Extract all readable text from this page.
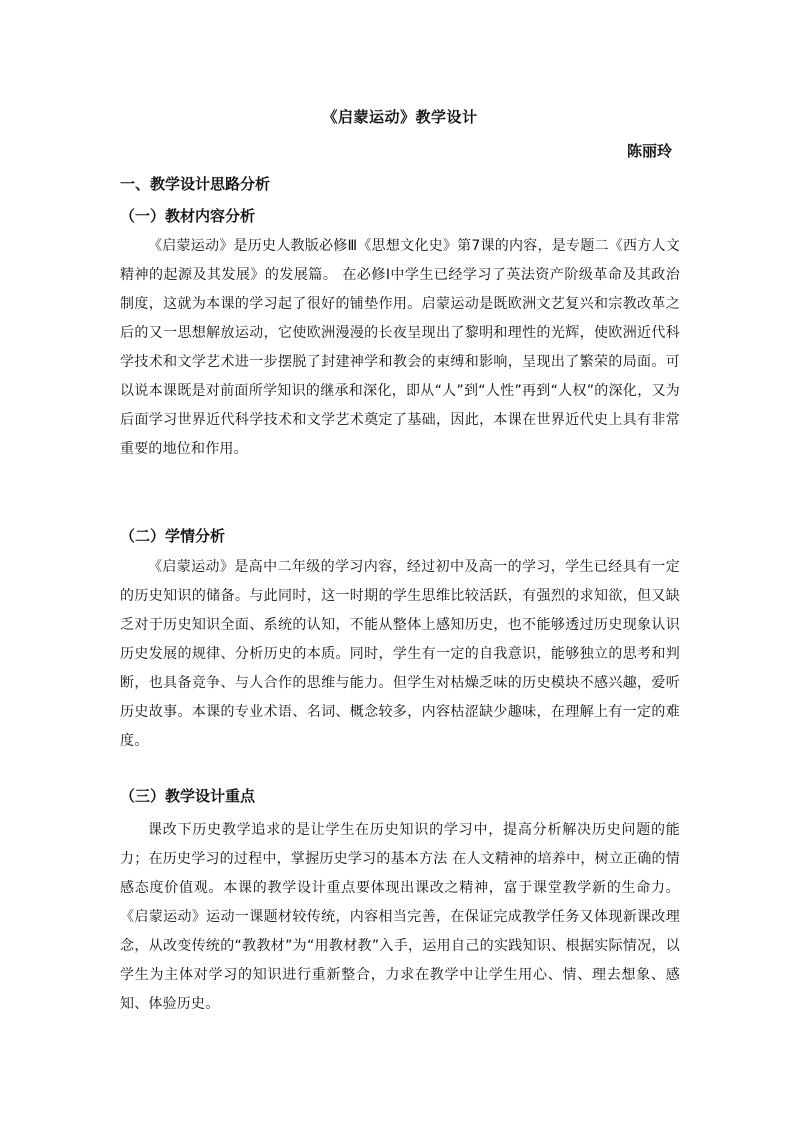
《启蒙运动》教学设计
陈丽玲
一、教学设计思路分析
（一）教材内容分析

《启蒙运动》是历史人教版必修Ⅲ《思想文化史》第7课的内容，是专题二《西方人文精神的起源及其发展》的发展篇。 在必修Ⅰ中学生已经学习了英法资产阶级革命及其政治制度，这就为本课的学习起了很好的铺垫作用。启蒙运动是既欧洲文艺复兴和宗教改革之后的又一思想解放运动，它使欧洲漫漫的长夜呈现出了黎明和理性的光辉，使欧洲近代科学技术和文学艺术进一步摆脱了封建神学和教会的束缚和影响，呈现出了繁荣的局面。可以说本课既是对前面所学知识的继承和深化，即从“人”到“人性”再到“人权”的深化，又为后面学习世界近代科学技术和文学艺术奠定了基础，因此，本课在世界近代史上具有非常重要的地位和作用。

（二）学情分析

《启蒙运动》是高中二年级的学习内容，经过初中及高一的学习，学生已经具有一定的历史知识的储备。与此同时，这一时期的学生思维比较活跃，有强烈的求知欲，但又缺乏对于历史知识全面、系统的认知，不能从整体上感知历史，也不能够透过历史现象认识历史发展的规律、分析历史的本质。同时，学生有一定的自我意识，能够独立的思考和判断，也具备竞争、与人合作的思维与能力。但学生对枯燥乏味的历史模块不感兴趣，爱听历史故事。本课的专业术语、名词、概念较多，内容枯涩缺少趣味，在理解上有一定的难度。

（三）教学设计重点

课改下历史教学追求的是让学生在历史知识的学习中，提高分析解决历史问题的能力；在历史学习的过程中，掌握历史学习的基本方法 在人文精神的培养中，树立正确的情感态度价值观。本课的教学设计重点要体现出课改之精神，富于课堂教学新的生命力。《启蒙运动》运动一课题材较传统，内容相当完善，在保证完成教学任务又体现新课改理念，从改变传统的“教教材”为“用教材教”入手，运用自己的实践知识、根据实际情况，以学生为主体对学习的知识进行重新整合，力求在教学中让学生用心、情、理去想象、感知、体验历史。
